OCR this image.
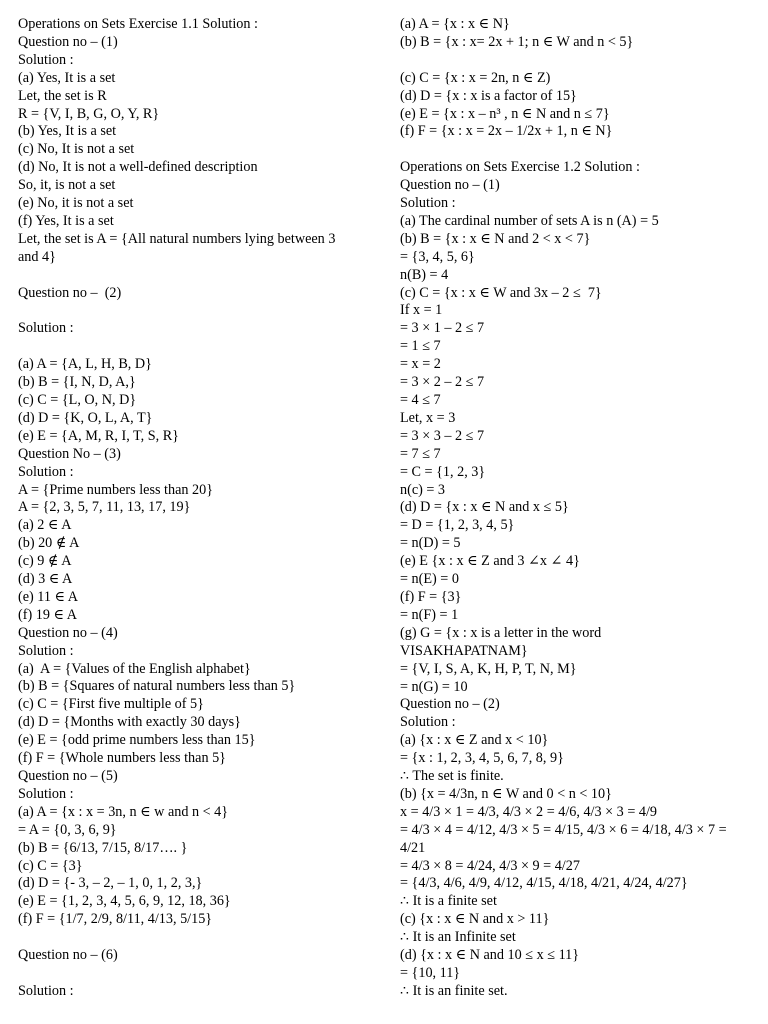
Operations on Sets Exercise 1.1 Solution :
Question no – (1)
Solution :
(a) Yes, It is a set
Let, the set is R
R = {V, I, B, G, O, Y, R}
(b) Yes, It is a set
(c) No, It is not a set
(d) No, It is not a well-defined description
So, it, is not a set
(e) No, it is not a set
(f) Yes, It is a set
Let, the set is A = {All natural numbers lying between 3
and 4}
Question no –  (2)
Solution :
(a) A = {A, L, H, B, D}
(b) B = {I, N, D, A,}
(c) C = {L, O, N, D}
(d) D = {K, O, L, A, T}
(e) E = {A, M, R, I, T, S, R}
Question No – (3)
Solution :
A = {Prime numbers less than 20}
A = {2, 3, 5, 7, 11, 13, 17, 19}
(a) 2 ∈ A
(b) 20 ∉ A
(c) 9 ∉ A
(d) 3 ∈ A
(e) 11 ∈ A
(f) 19 ∈ A
Question no – (4)
Solution :
(a)  A = {Values of the English alphabet}
(b) B = {Squares of natural numbers less than 5}
(c) C = {First five multiple of 5}
(d) D = {Months with exactly 30 days}
(e) E = {odd prime numbers less than 15}
(f) F = {Whole numbers less than 5}
Question no – (5)
Solution :
(a) A = {x : x = 3n, n ∈ w and n < 4}
= A = {0, 3, 6, 9}
(b) B = {6/13, 7/15, 8/17…. }
(c) C = {3}
(d) D = {- 3, – 2, – 1, 0, 1, 2, 3,}
(e) E = {1, 2, 3, 4, 5, 6, 9, 12, 18, 36}
(f) F = {1/7, 2/9, 8/11, 4/13, 5/15}
Question no – (6)
Solution :
(a) A = {x : x ∈ N}
(b) B = {x : x= 2x + 1; n ∈ W and n < 5}
(c) C = {x : x = 2n, n ∈ Z)
(d) D = {x : x is a factor of 15}
(e) E = {x : x – n³ , n ∈ N and n ≤ 7}
(f) F = {x : x = 2x – 1/2x + 1, n ∈ N}
Operations on Sets Exercise 1.2 Solution :
Question no – (1)
Solution :
(a) The cardinal number of sets A is n (A) = 5
(b) B = {x : x ∈ N and 2 < x < 7}
= {3, 4, 5, 6}
n(B) = 4
(c) C = {x : x ∈ W and 3x – 2 ≤  7}
If x = 1
= 3 × 1 – 2 ≤ 7
= 1 ≤ 7
= x = 2
= 3 × 2 – 2 ≤ 7
= 4 ≤ 7
Let, x = 3
= 3 × 3 – 2 ≤ 7
= 7 ≤ 7
= C = {1, 2, 3}
n(c) = 3
(d) D = {x : x ∈ N and x ≤ 5}
= D = {1, 2, 3, 4, 5}
= n(D) = 5
(e) E {x : x ∈ Z and 3 ∠x ∠ 4}
= n(E) = 0
(f) F = {3}
= n(F) = 1
(g) G = {x : x is a letter in the word
VISAKHAPATNAM}
= {V, I, S, A, K, H, P, T, N, M}
= n(G) = 10
Question no – (2)
Solution :
(a) {x : x ∈ Z and x < 10}
= {x : 1, 2, 3, 4, 5, 6, 7, 8, 9}
∴ The set is finite.
(b) {x = 4/3n, n ∈ W and 0 < n < 10}
x = 4/3 × 1 = 4/3, 4/3 × 2 = 4/6, 4/3 × 3 = 4/9
= 4/3 × 4 = 4/12, 4/3 × 5 = 4/15, 4/3 × 6 = 4/18, 4/3 × 7 =
4/21
= 4/3 × 8 = 4/24, 4/3 × 9 = 4/27
= {4/3, 4/6, 4/9, 4/12, 4/15, 4/18, 4/21, 4/24, 4/27}
∴ It is a finite set
(c) {x : x ∈ N and x > 11}
∴ It is an Infinite set
(d) {x : x ∈ N and 10 ≤ x ≤ 11}
= {10, 11}
∴ It is an finite set.
